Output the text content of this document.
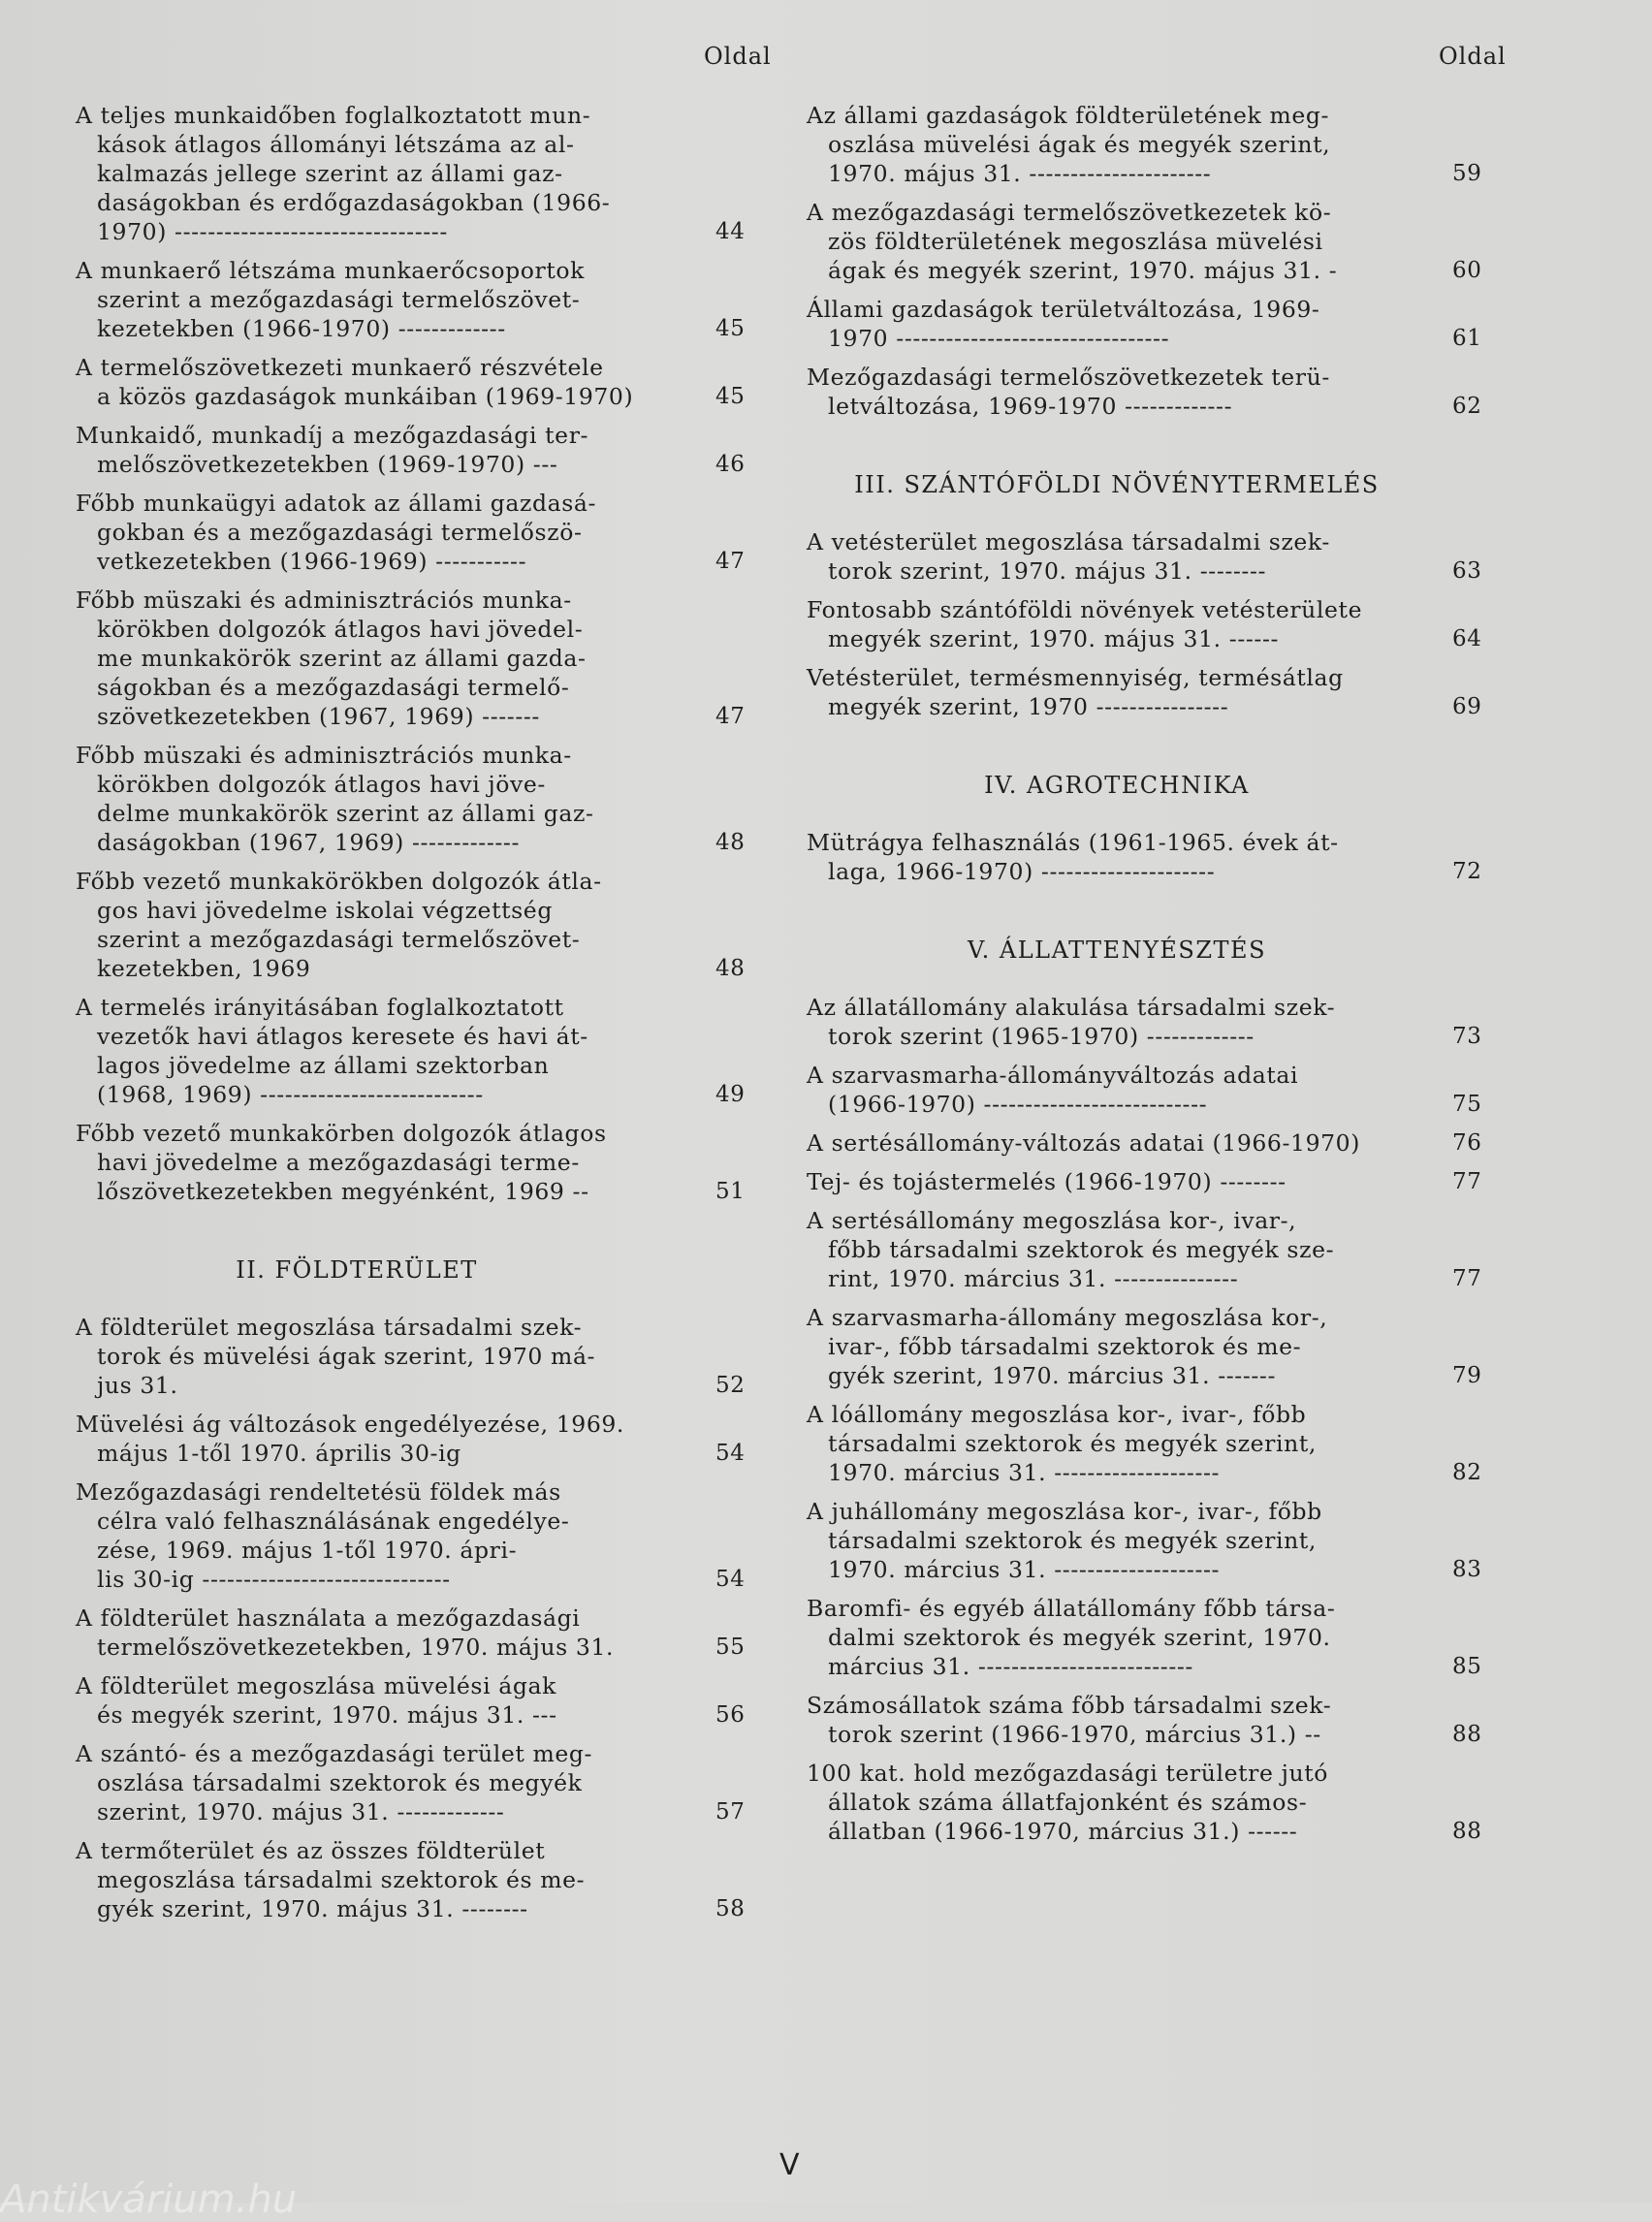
Oldal
A teljes munkaidőben foglalkoztatott mun-
kások átlagos állományi létszáma az al-
kalmazás jellege szerint az állami gaz-
daságokban és erdőgazdaságokban (1966-
1970) ---------------------------------	44
A munkaerő létszáma munkaerőcsoportok
szerint a mezőgazdasági termelőszövet-
kezetekben (1966-1970) -------------	45
A termelőszövetkezeti munkaerő részvétele
a közös gazdaságok munkáiban (1969-1970)	45
Munkaidő, munkadíj a mezőgazdasági ter-
melőszövetkezetekben (1969-1970) ---	46
Főbb munkaügyi adatok az állami gazdasá-
gokban és a mezőgazdasági termelőszö-
vetkezetekben (1966-1969) -----------	47
Főbb müszaki és adminisztrációs munka-
körökben dolgozók átlagos havi jövedel-
me munkakörök szerint az állami gazda-
ságokban és a mezőgazdasági termelő-
szövetkezetekben (1967, 1969) -------	47
Főbb müszaki és adminisztrációs munka-
körökben dolgozók átlagos havi jöve-
delme munkakörök szerint az állami gaz-
daságokban (1967, 1969) -------------	48
Főbb vezető munkakörökben dolgozók átla-
gos havi jövedelme iskolai végzettség
szerint a mezőgazdasági termelőszövet-
kezetekben, 1969	48
A termelés irányitásában foglalkoztatott
vezetők havi átlagos keresete és havi át-
lagos jövedelme az állami szektorban
(1968, 1969) ---------------------------	49
Főbb vezető munkakörben dolgozók átlagos
havi jövedelme a mezőgazdasági terme-
lőszövetkezetekben megyénként, 1969 --	51
II. FÖLDTERÜLET
A földterület megoszlása társadalmi szek-
torok és müvelési ágak szerint, 1970 má-
jus 31.	52
Müvelési ág változások engedélyezése, 1969.
május 1-től 1970. április 30-ig	54
Mezőgazdasági rendeltetésü földek más
célra való felhasználásának engedélye-
zése, 1969. május 1-től 1970. ápri-
lis 30-ig ------------------------------	54
A földterület használata a mezőgazdasági
termelőszövetkezetekben, 1970. május 31.	55
A földterület megoszlása müvelési ágak
és megyék szerint, 1970. május 31. ---	56
A szántó- és a mezőgazdasági terület meg-
oszlása társadalmi szektorok és megyék
szerint, 1970. május 31. -------------	57
A termőterület és az összes földterület
megoszlása társadalmi szektorok és me-
gyék szerint, 1970. május 31. --------	58
Oldal
Az állami gazdaságok földterületének meg-
oszlása müvelési ágak és megyék szerint,
1970. május 31. ----------------------	59
A mezőgazdasági termelőszövetkezetek kö-
zös földterületének megoszlása müvelési
ágak és megyék szerint, 1970. május 31. -	60
Állami gazdaságok területváltozása, 1969-
1970 ---------------------------------	61
Mezőgazdasági termelőszövetkezetek terü-
letváltozása, 1969-1970 -------------	62
III. SZÁNTÓFÖLDI NÖVÉNYTERMELÉS
A vetésterület megoszlása társadalmi szek-
torok szerint, 1970. május 31. --------	63
Fontosabb szántóföldi növények vetésterülete
megyék szerint, 1970. május 31. ------	64
Vetésterület, termésmennyiség, termésátlag
megyék szerint, 1970 ----------------	69
IV. AGROTECHNIKA
Mütrágya felhasználás (1961-1965. évek át-
laga, 1966-1970) ---------------------	72
V. ÁLLATTENYÉSZTÉS
Az állatállomány alakulása társadalmi szek-
torok szerint (1965-1970) -------------	73
A szarvasmarha-állományváltozás adatai
(1966-1970) ---------------------------	75
A sertésállomány-változás adatai (1966-1970)	76
Tej- és tojástermelés (1966-1970) --------	77
A sertésállomány megoszlása kor-, ivar-,
főbb társadalmi szektorok és megyék sze-
rint, 1970. március 31. ---------------	77
A szarvasmarha-állomány megoszlása kor-,
ivar-, főbb társadalmi szektorok és me-
gyék szerint, 1970. március 31. -------	79
A lóállomány megoszlása kor-, ivar-, főbb
társadalmi szektorok és megyék szerint,
1970. március 31. --------------------	82
A juhállomány megoszlása kor-, ivar-, főbb
társadalmi szektorok és megyék szerint,
1970. március 31. --------------------	83
Baromfi- és egyéb állatállomány főbb társa-
dalmi szektorok és megyék szerint, 1970.
március 31. --------------------------	85
Számosállatok száma főbb társadalmi szek-
torok szerint (1966-1970, március 31.) --	88
100 kat. hold mezőgazdasági területre jutó
állatok száma állatfajonként és számos-
állatban (1966-1970, március 31.) ------	88
V
Antikvárium.hu
